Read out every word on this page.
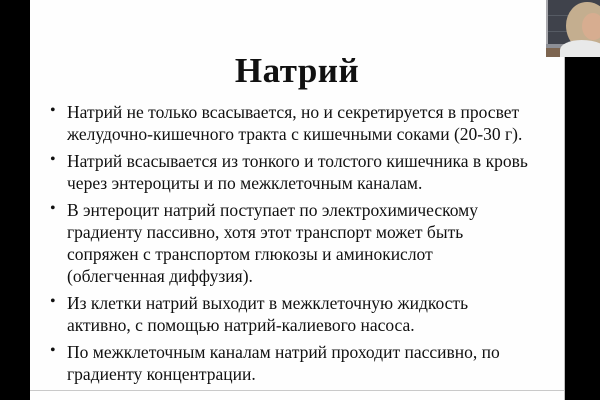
Натрий
• Натрий не только всасывается, но и секретируется в просвет
желудочно-кишечного тракта с кишечными соками (20-30 г).
• Натрий всасывается из тонкого и толстого кишечника в кровь
через энтероциты и по межклеточным каналам.
• В энтероцит натрий поступает по электрохимическому
градиенту пассивно, хотя этот транспорт может быть
сопряжен с транспортом глюкозы и аминокислот
(облегченная диффузия).
• Из клетки натрий выходит в межклеточную жидкость
активно, с помощью натрий-калиевого насоса.
• По межклеточным каналам натрий проходит пассивно, по
градиенту концентрации.
